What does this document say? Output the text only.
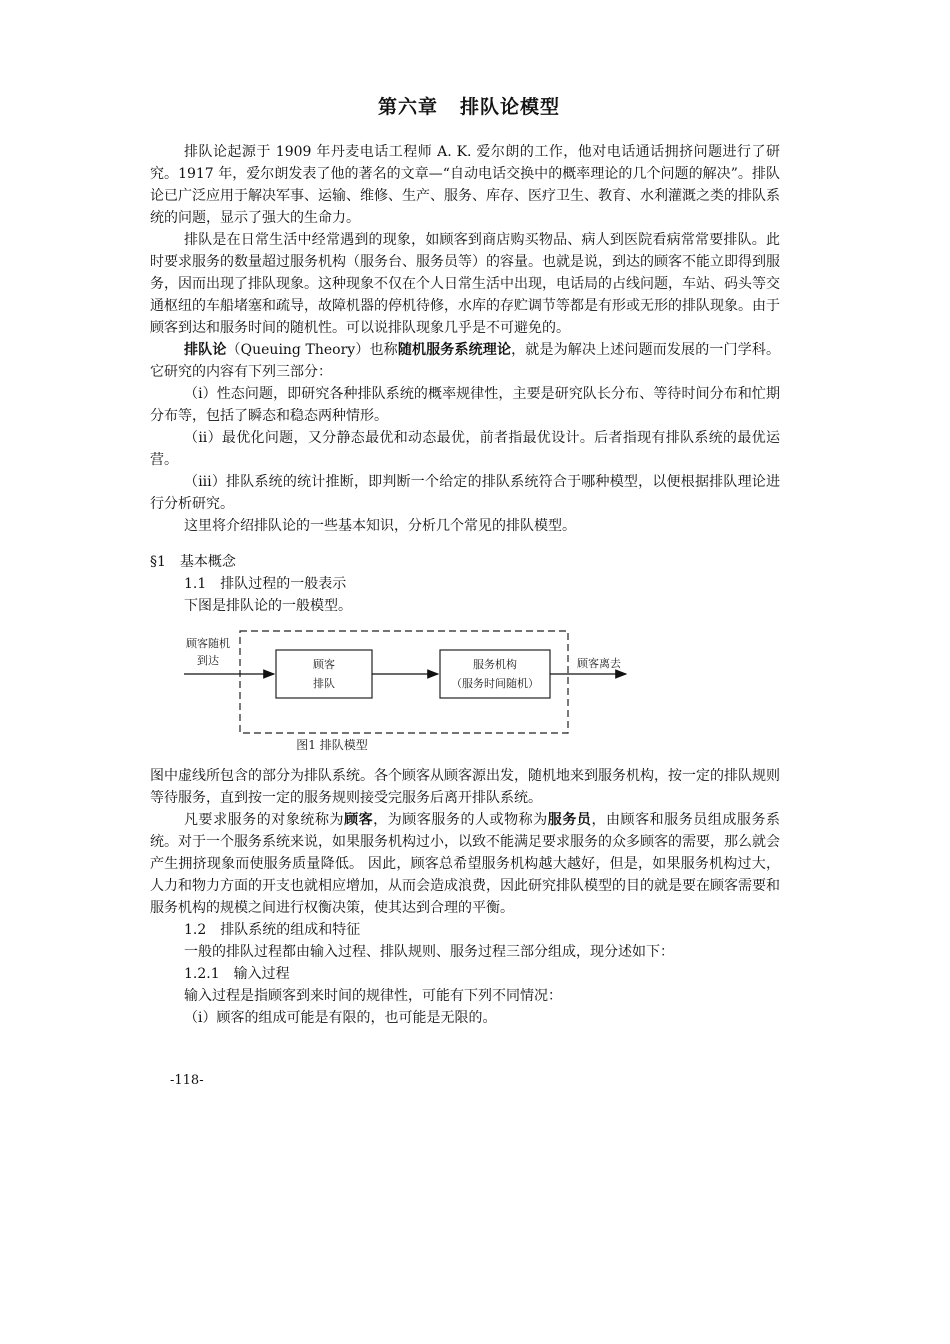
第六章 排队论模型

排队论起源于 1909 年丹麦电话工程师 A. K. 爱尔朗的工作，他对电话通话拥挤问题进行了研究。1917 年，爱尔朗发表了他的著名的文章—“自动电话交换中的概率理论的几个问题的解决”。排队论已广泛应用于解决军事、运输、维修、生产、服务、库存、医疗卫生、教育、水利灌溉之类的排队系统的问题，显示了强大的生命力。

排队是在日常生活中经常遇到的现象，如顾客到商店购买物品、病人到医院看病常常要排队。此时要求服务的数量超过服务机构（服务台、服务员等）的容量。也就是说，到达的顾客不能立即得到服务，因而出现了排队现象。这种现象不仅在个人日常生活中出现，电话局的占线问题，车站、码头等交通枢纽的车船堵塞和疏导，故障机器的停机待修，水库的存贮调节等都是有形或无形的排队现象。由于顾客到达和服务时间的随机性。可以说排队现象几乎是不可避免的。

排队论（Queuing Theory）也称随机服务系统理论，就是为解决上述问题而发展的一门学科。它研究的内容有下列三部分：

（i）性态问题，即研究各种排队系统的概率规律性，主要是研究队长分布、等待时间分布和忙期分布等，包括了瞬态和稳态两种情形。

（ii）最优化问题，又分静态最优和动态最优，前者指最优设计。后者指现有排队系统的最优运营。

（iii）排队系统的统计推断，即判断一个给定的排队系统符合于哪种模型，以便根据排队理论进行分析研究。

这里将介绍排队论的一些基本知识，分析几个常见的排队模型。

§1 基本概念

1.1 排队过程的一般表示

下图是排队论的一般模型。

顾客随机
到达	顾客
排队
服务机构
（服务时间随机）
顾客离去
图1 排队模型

图中虚线所包含的部分为排队系统。各个顾客从顾客源出发，随机地来到服务机构，按一定的排队规则等待服务，直到按一定的服务规则接受完服务后离开排队系统。

凡要求服务的对象统称为顾客，为顾客服务的人或物称为服务员，由顾客和服务员组成服务系统。对于一个服务系统来说，如果服务机构过小，以致不能满足要求服务的众多顾客的需要，那么就会产生拥挤现象而使服务质量降低。 因此，顾客总希望服务机构越大越好，但是，如果服务机构过大，人力和物力方面的开支也就相应增加，从而会造成浪费，因此研究排队模型的目的就是要在顾客需要和服务机构的规模之间进行权衡决策，使其达到合理的平衡。

1.2 排队系统的组成和特征

一般的排队过程都由输入过程、排队规则、服务过程三部分组成，现分述如下：

1.2.1 输入过程

输入过程是指顾客到来时间的规律性，可能有下列不同情况：

（i）顾客的组成可能是有限的，也可能是无限的。

-118-
